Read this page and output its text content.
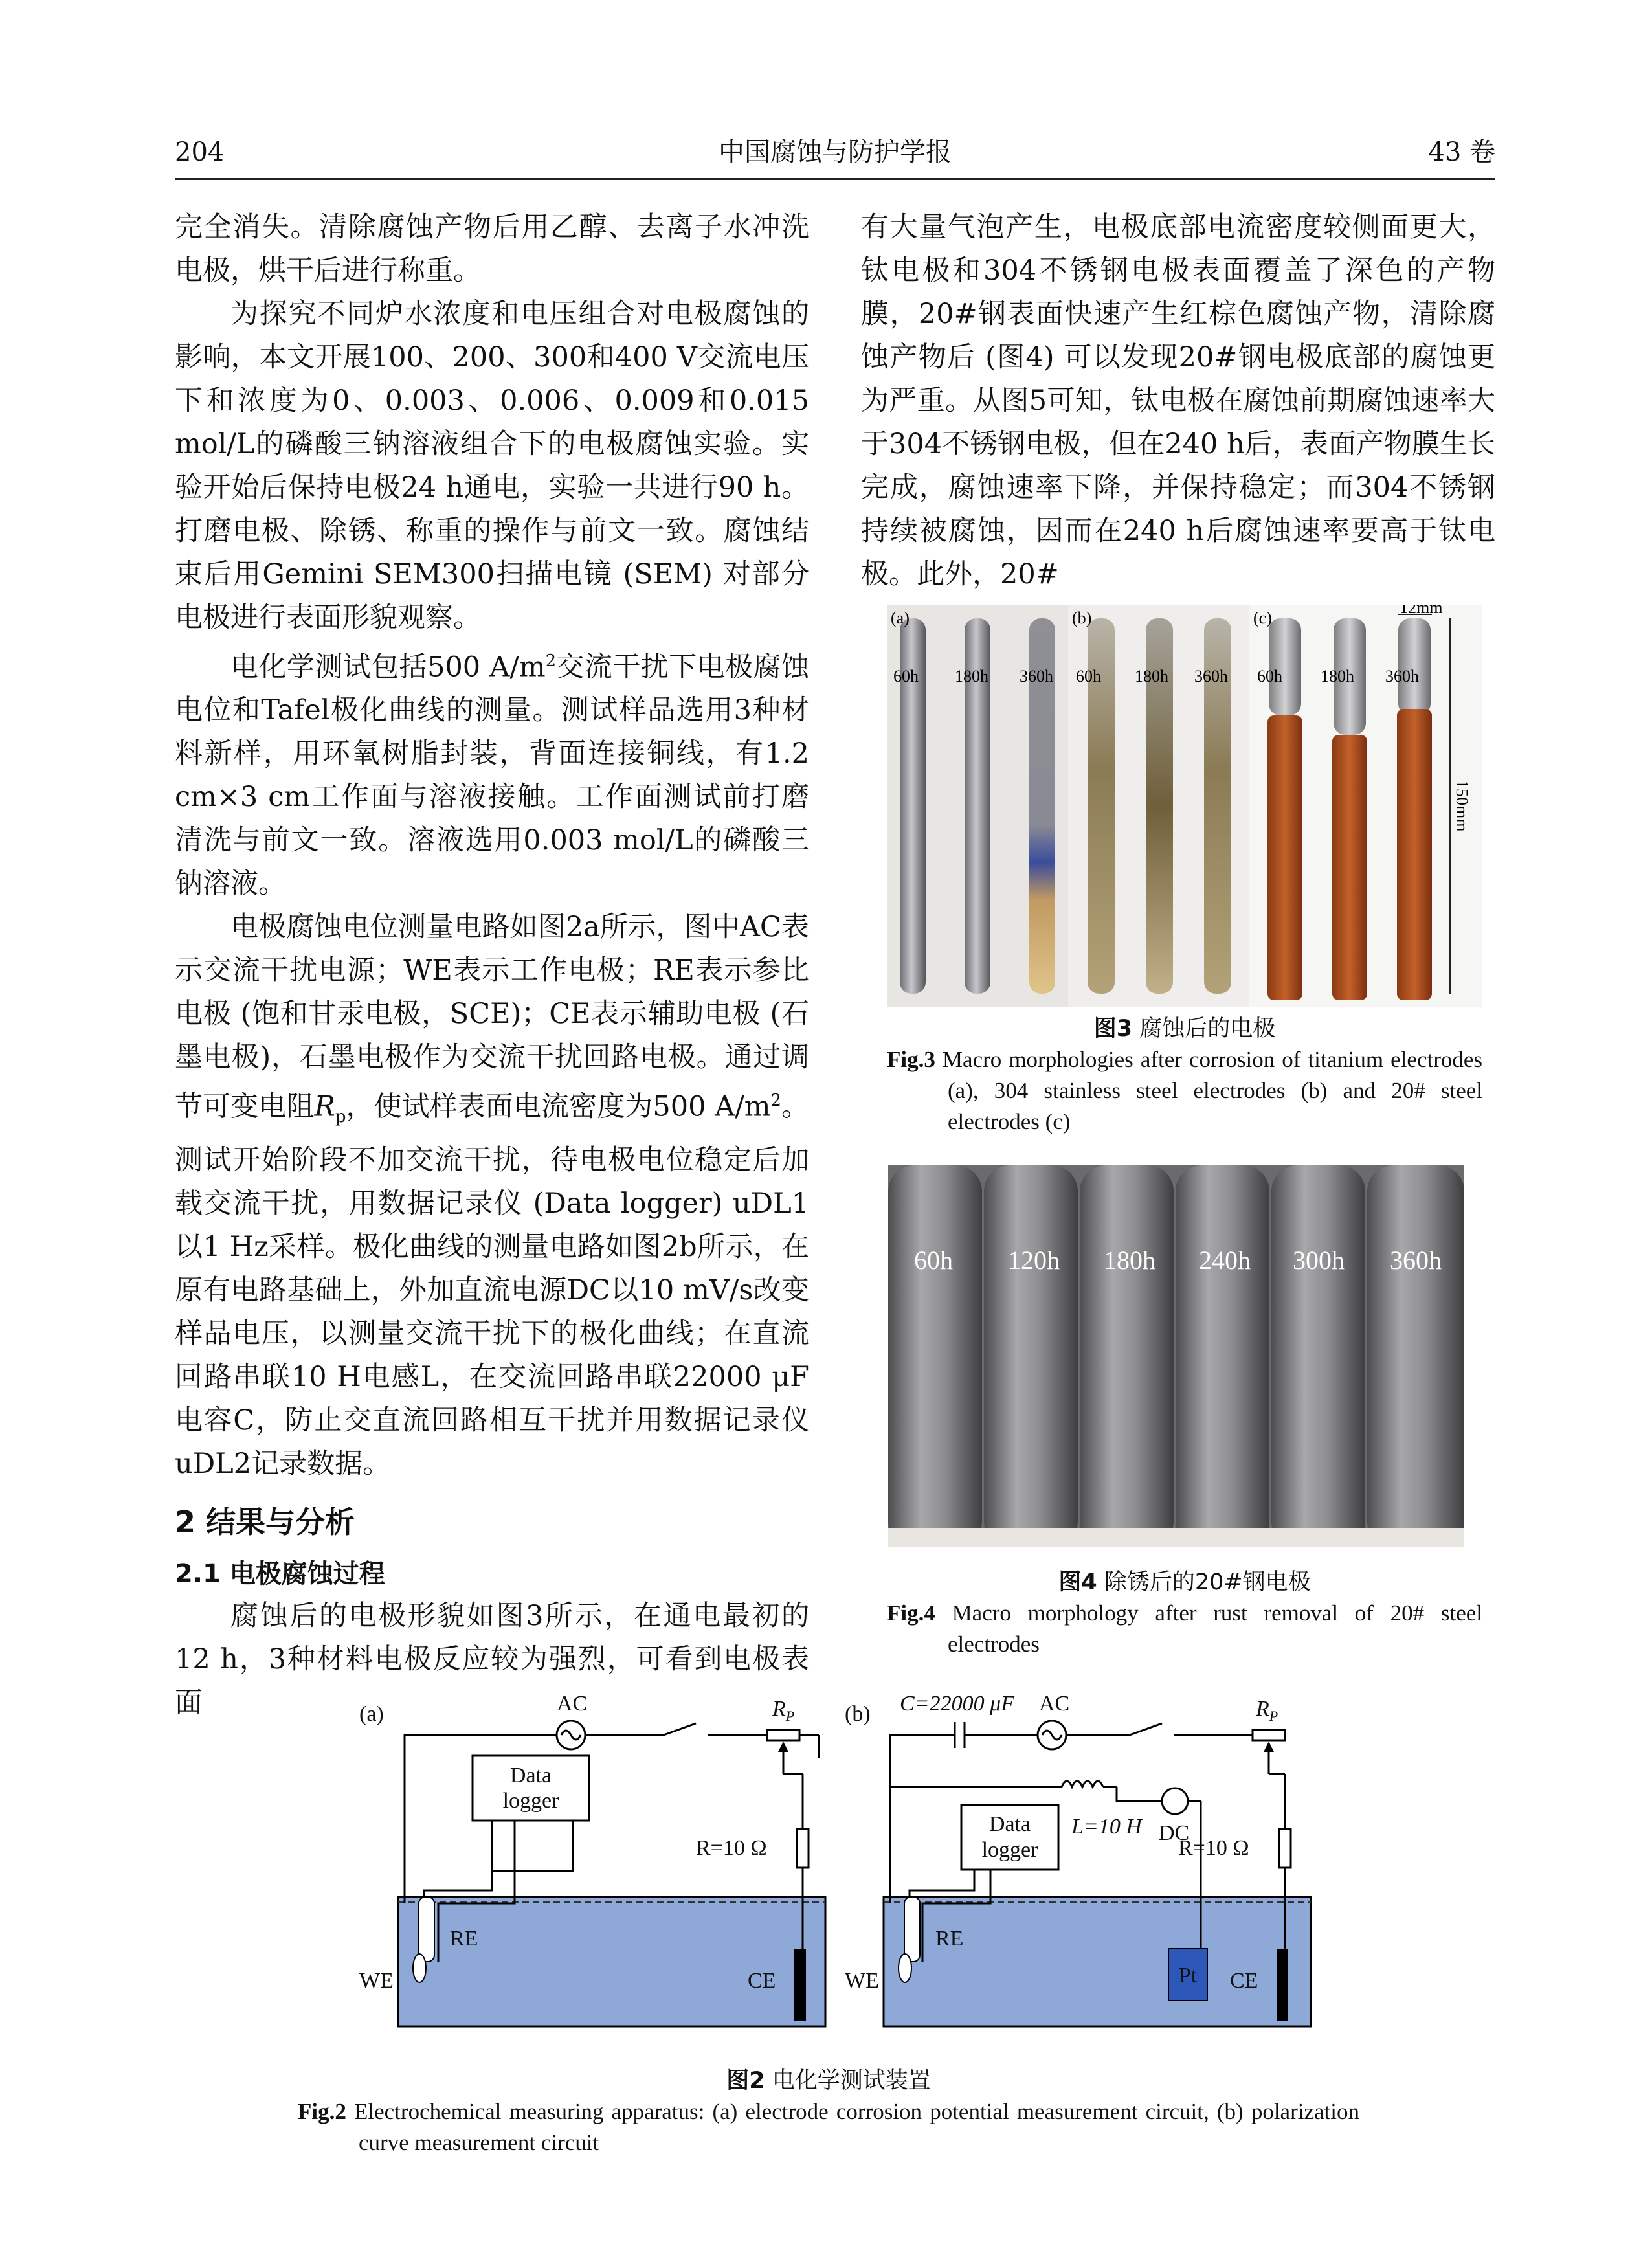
204	中国腐蚀与防护学报	43 卷

完全消失。清除腐蚀产物后用乙醇、去离子水冲洗电极，烘干后进行称重。

为探究不同炉水浓度和电压组合对电极腐蚀的影响，本文开展100、200、300和400 V交流电压下和浓度为0、0.003、0.006、0.009和0.015 mol/L的磷酸三钠溶液组合下的电极腐蚀实验。实验开始后保持电极24 h通电，实验一共进行90 h。打磨电极、除锈、称重的操作与前文一致。腐蚀结束后用Gemini SEM300扫描电镜 (SEM) 对部分电极进行表面形貌观察。

电化学测试包括500 $A/m^2$交流干扰下电极腐蚀电位和Tafel极化曲线的测量。测试样品选用3种材料新样，用环氧树脂封装，背面连接铜线，有1.2 cm×3 cm工作面与溶液接触。工作面测试前打磨清洗与前文一致。溶液选用0.003 mol/L的磷酸三钠溶液。

电极腐蚀电位测量电路如图2a所示，图中AC表示交流干扰电源；WE表示工作电极；RE表示参比电极 (饱和甘汞电极，SCE)；CE表示辅助电极 (石墨电极)，石墨电极作为交流干扰回路电极。通过调节可变电阻$R_p$，使试样表面电流密度为500 $A/m^2$。测试开始阶段不加交流干扰，待电极电位稳定后加载交流干扰，用数据记录仪 (Data logger) uDL1 以1 Hz采样。极化曲线的测量电路如图2b所示，在原有电路基础上，外加直流电源DC以10 mV/s改变样品电压，以测量交流干扰下的极化曲线；在直流回路串联10 H电感L，在交流回路串联22000 μF电容C，防止交直流回路相互干扰并用数据记录仪uDL2记录数据。

2 结果与分析
2.1 电极腐蚀过程

腐蚀后的电极形貌如图3所示，在通电最初的12 h，3种材料电极反应较为强烈，可看到电极表面

有大量气泡产生，电极底部电流密度较侧面更大，钛电极和304不锈钢电极表面覆盖了深色的产物膜，20#钢表面快速产生红棕色腐蚀产物，清除腐蚀产物后 (图4) 可以发现20#钢电极底部的腐蚀更为严重。从图5可知，钛电极在腐蚀前期腐蚀速率大于304不锈钢电极，但在240 h后，表面产物膜生长完成，腐蚀速率下降，并保持稳定；而304不锈钢持续被腐蚀，因而在240 h后腐蚀速率要高于钛电极。此外，20#

(a)	(b)	(c)
60h 180h 360h 60h 180h 360h 60h 180h 360h
12mm
150mm
图3 腐蚀后的电极
Fig.3 Macro morphologies after corrosion of titanium electrodes (a), 304 stainless steel electrodes (b) and 20# steel electrodes (c)
60h 120h 180h 240h 300h 360h
图4 除锈后的20#钢电极
Fig.4 Macro morphology after rust removal of 20# steel electrodes
(a)
Data
logger
RE
WE	CE
AC	$R_P$
R=10 Ω
(b)
Pt
Data
logger
RE
WE	CE
C=22000 μF AC	$R_P$
L=10 H DC
R=10 Ω
图2 电化学测试装置
Fig.2 Electrochemical measuring apparatus: (a) electrode corrosion potential measurement circuit, (b) polarization curve measurement circuit
